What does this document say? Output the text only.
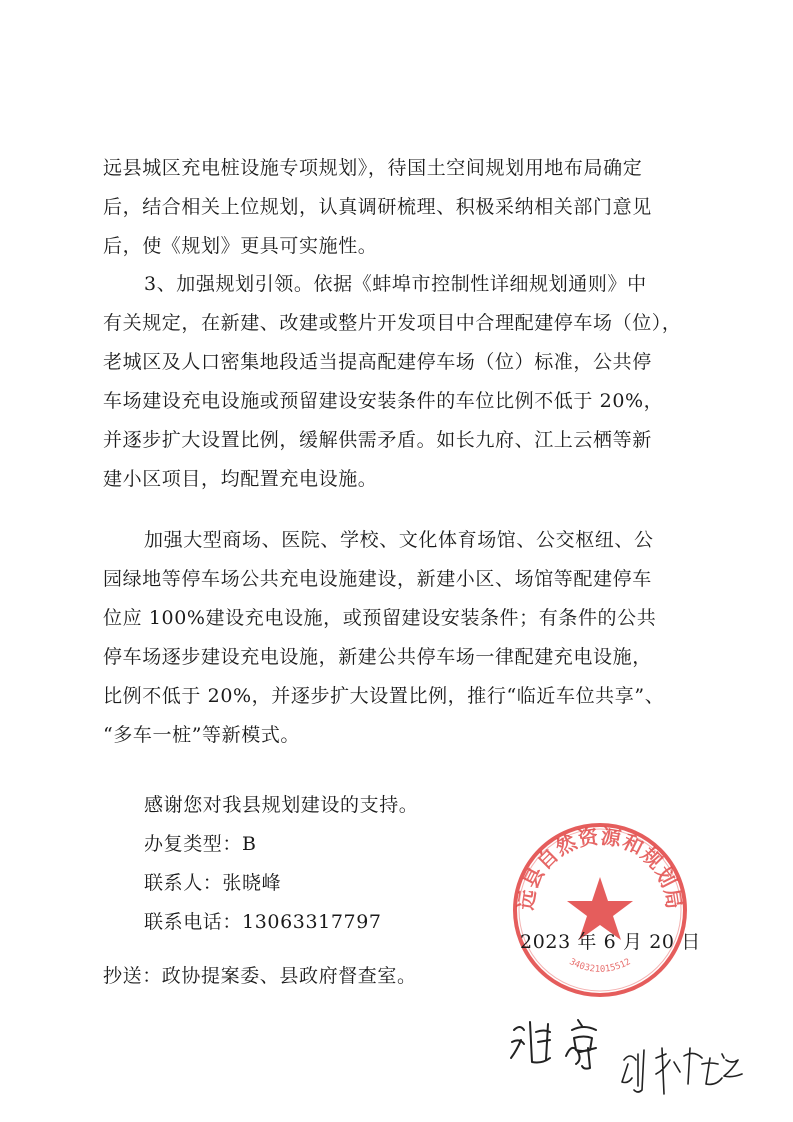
远县城区充电桩设施专项规划》，待国土空间规划用地布局确定
后，结合相关上位规划，认真调研梳理、积极采纳相关部门意见
后，使《规划》更具可实施性。
3、加强规划引领。依据《蚌埠市控制性详细规划通则》中
有关规定，在新建、改建或整片开发项目中合理配建停车场（位），
老城区及人口密集地段适当提高配建停车场（位）标准，公共停
车场建设充电设施或预留建设安装条件的车位比例不低于 20%，
并逐步扩大设置比例，缓解供需矛盾。如长九府、江上云栖等新
建小区项目，均配置充电设施。
加强大型商场、医院、学校、文化体育场馆、公交枢纽、公
园绿地等停车场公共充电设施建设，新建小区、场馆等配建停车
位应 100%建设充电设施，或预留建设安装条件；有条件的公共
停车场逐步建设充电设施，新建公共停车场一律配建充电设施，
比例不低于 20%，并逐步扩大设置比例，推行“临近车位共享”、
“多车一桩”等新模式。
感谢您对我县规划建设的支持。
办复类型：B
联系人：张晓峰
联系电话：13063317797
远县自然资源和规划局
340321015512
2023 年 6 月 20 日
抄送：政协提案委、县政府督查室。
